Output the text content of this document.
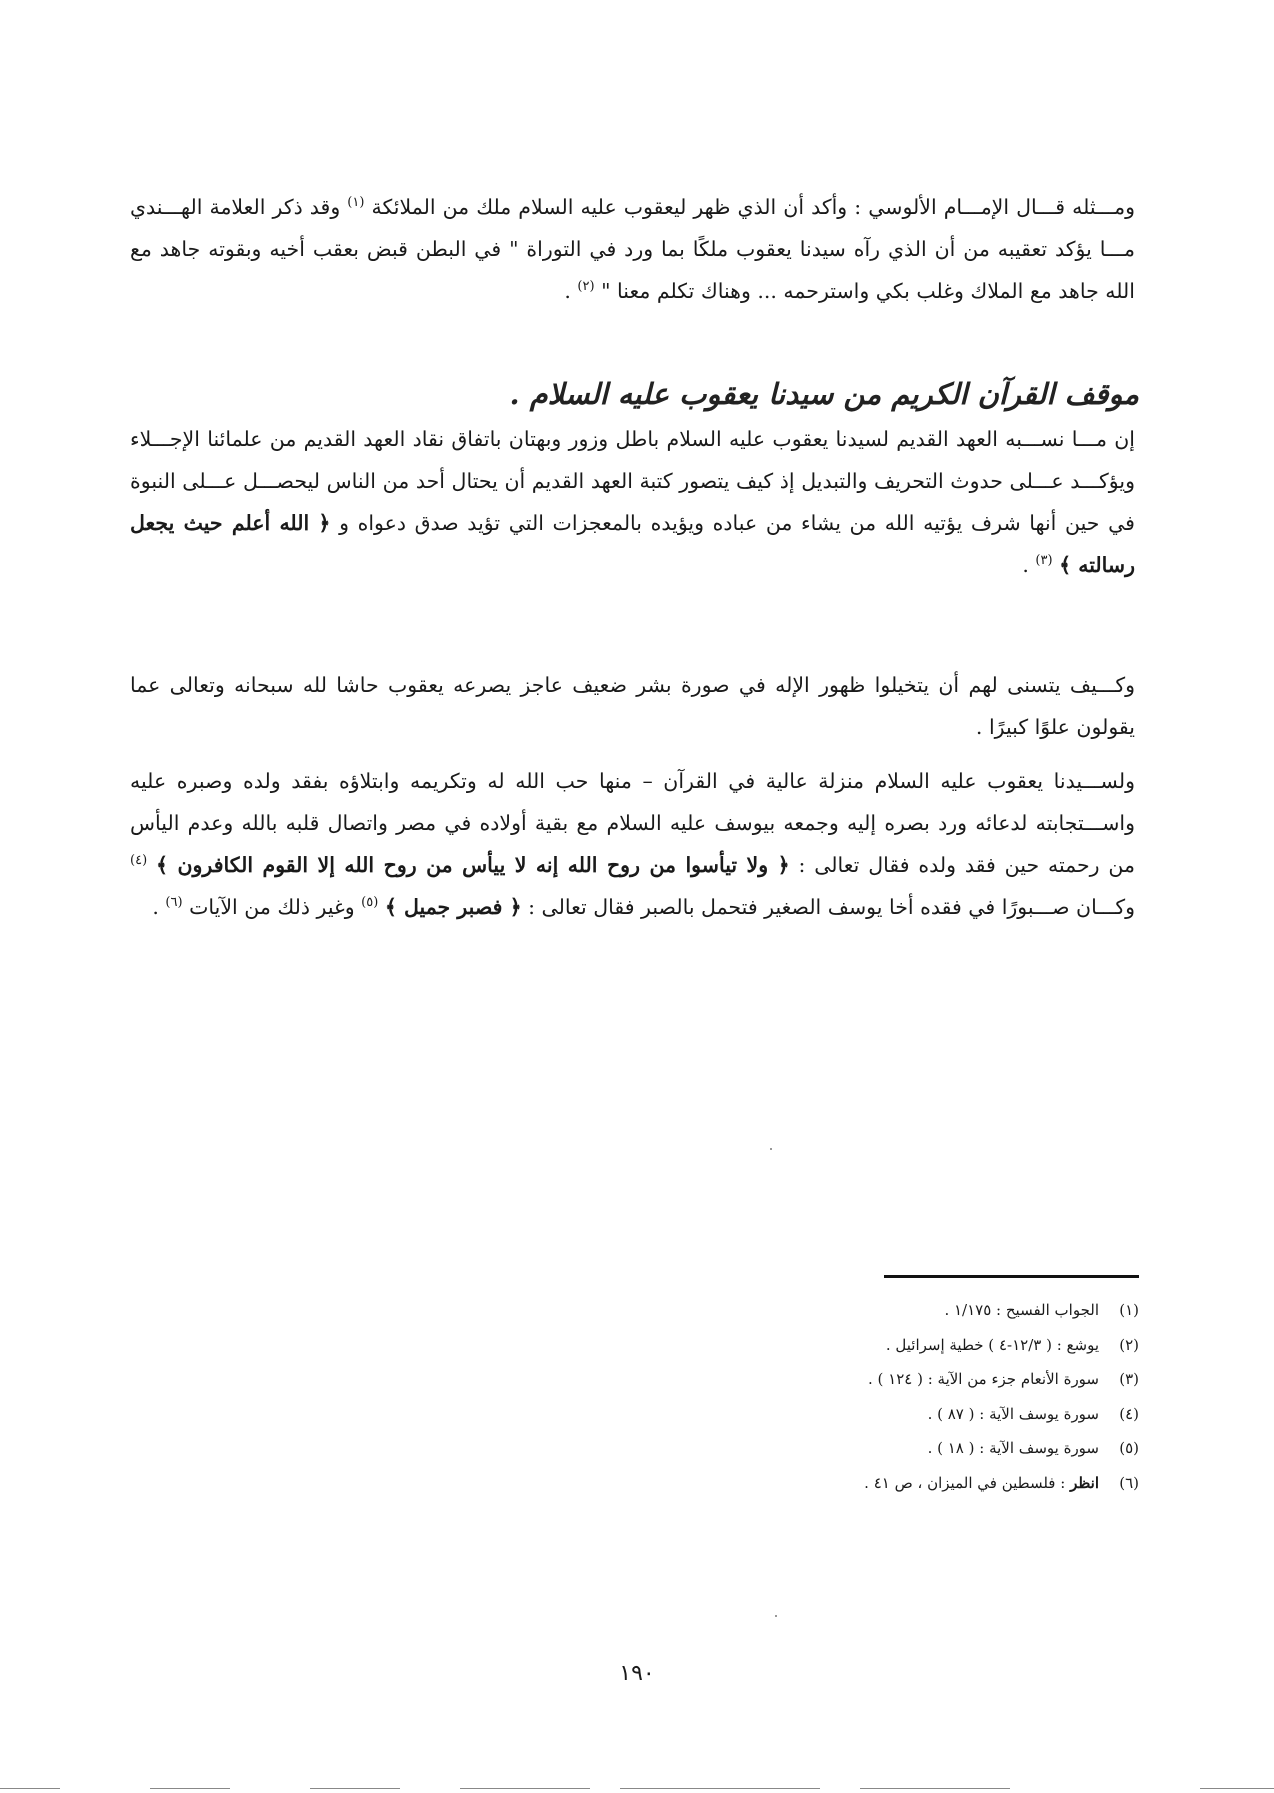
ومـــثله قـــال الإمـــام الألوسي : وأكد أن الذي ظهر ليعقوب عليه السلام ملك من الملائكة $^{(١)}$ وقد ذكر العلامة الهـــندي مـــا يؤكد تعقيبه من أن الذي رآه سيدنا يعقوب ملكًا بما ورد في التوراة " في البطن قبض بعقب أخيه وبقوته جاهد مع الله جاهد مع الملاك وغلب بكي واسترحمه ... وهناك تكلم معنا " $^{(٢)}$ .

موقف القرآن الكريم من سيدنا يعقوب عليه السلام .

إن مـــا نســـبه العهد القديم لسيدنا يعقوب عليه السلام باطل وزور وبهتان باتفاق نقاد العهد القديم من علمائنا الإجـــلاء ويؤكـــد عـــلى حدوث التحريف والتبديل إذ كيف يتصور كتبة العهد القديم أن يحتال أحد من الناس ليحصـــل عـــلى النبوة في حين أنها شرف يؤتيه الله من يشاء من عباده ويؤيده بالمعجزات التي تؤيد صدق دعواه و ﴿ الله أعلم حيث يجعل رسالته ﴾ $^{(٣)}$ .

وكـــيف يتسنى لهم أن يتخيلوا ظهور الإله في صورة بشر ضعيف عاجز يصرعه يعقوب حاشا لله سبحانه وتعالى عما يقولون علوًا كبيرًا .

ولســـيدنا يعقوب عليه السلام منزلة عالية في القرآن – منها حب الله له وتكريمه وابتلاؤه بفقد ولده وصبره عليه واســـتجابته لدعائه ورد بصره إليه وجمعه بيوسف عليه السلام مع بقية أولاده في مصر واتصال قلبه بالله وعدم اليأس من رحمته حين فقد ولده فقال تعالى : ﴿ ولا تيأسوا من روح الله إنه لا ييأس من روح الله إلا القوم الكافرون ﴾ $^{(٤)}$ وكـــان صـــبورًا في فقده أخا يوسف الصغير فتحمل بالصبر فقال تعالى : ﴿ فصبر جميل ﴾ $^{(٥)}$ وغير ذلك من الآيات $^{(٦)}$ .

(١)الجواب الفسيح : ١/١٧٥ .
(٢)يوشع : ( ١٢/٣-٤ ) خطية إسرائيل .
(٣)سورة الأنعام جزء من الآية : ( ١٢٤ ) .
(٤)سورة يوسف الآية : ( ٨٧ ) .
(٥)سورة يوسف الآية : ( ١٨ ) .
(٦)انظر : فلسطين في الميزان ، ص ٤١ .
١٩٠
